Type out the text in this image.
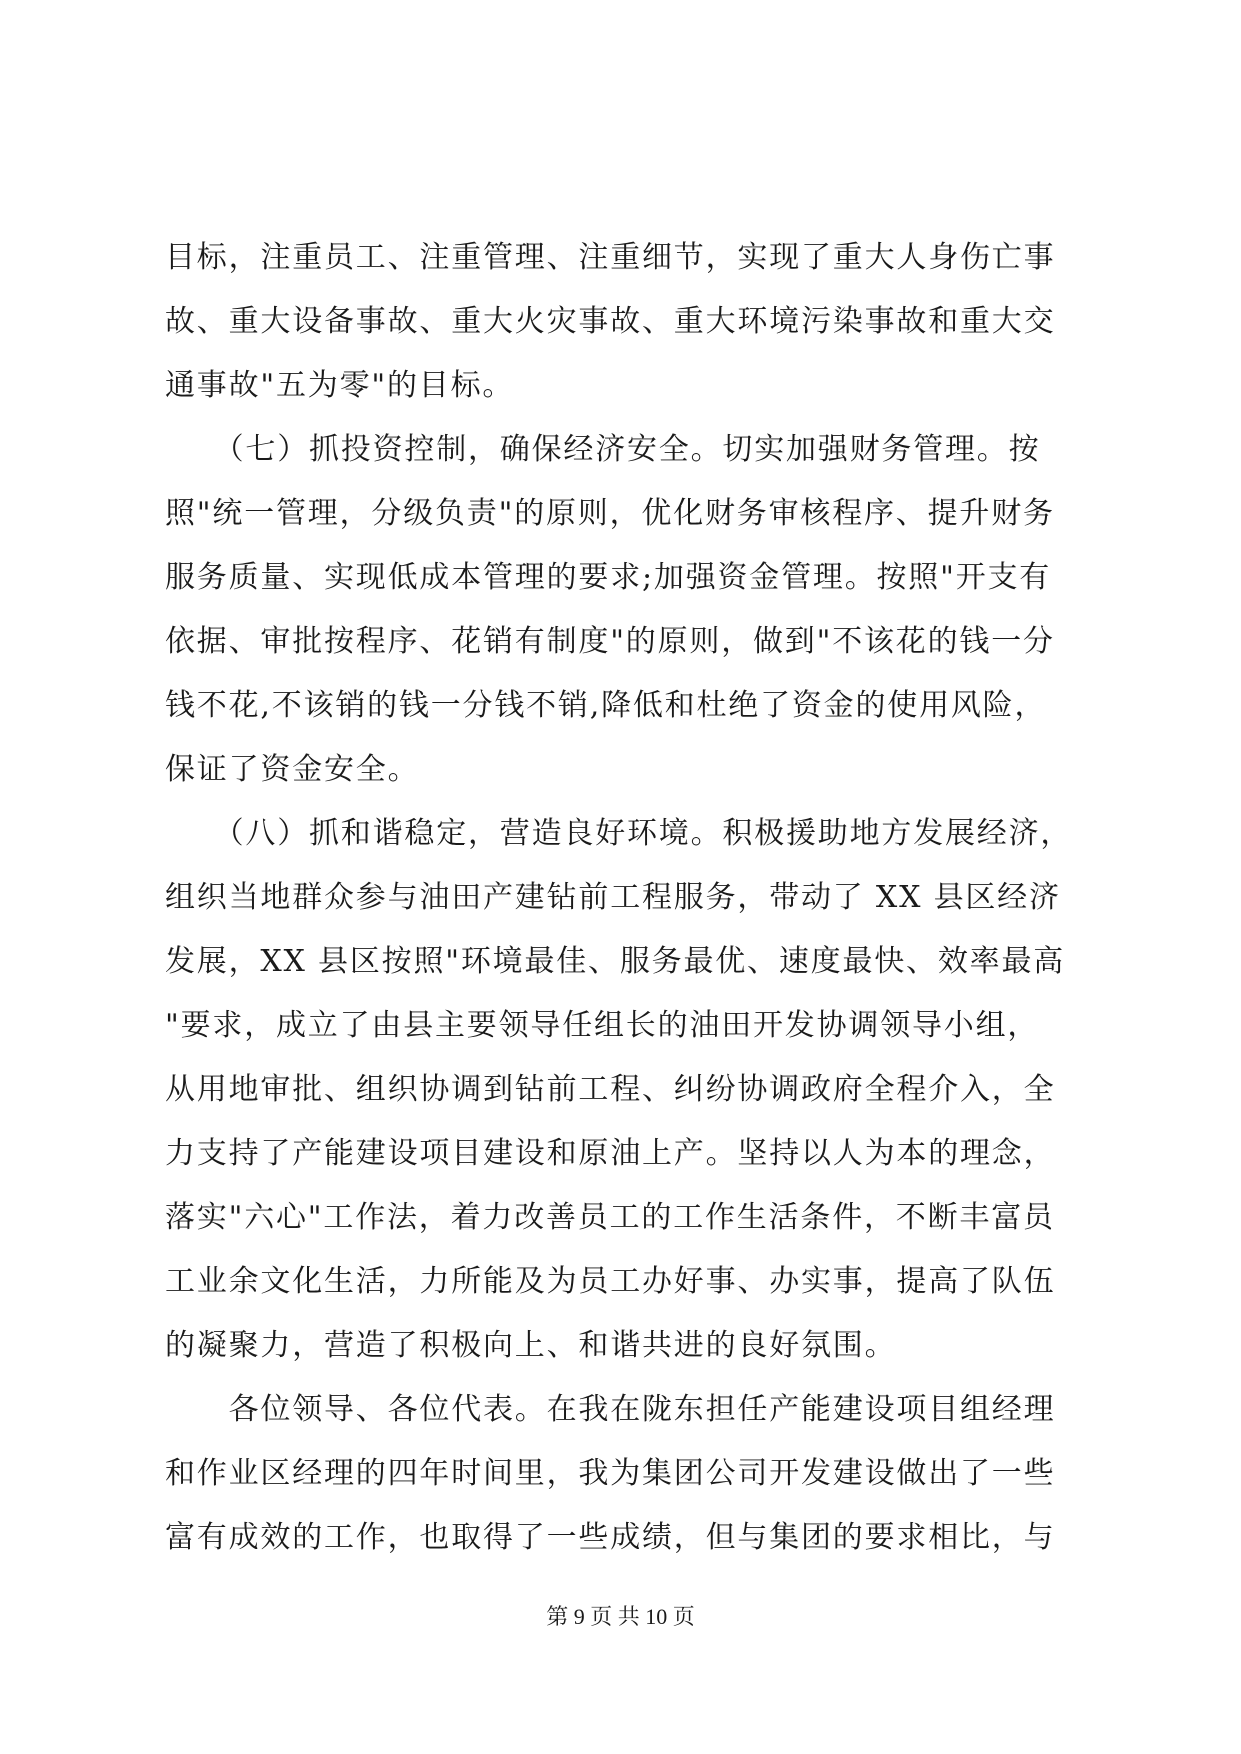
目标，注重员工、注重管理、注重细节，实现了重大人身伤亡事
故、重大设备事故、重大火灾事故、重大环境污染事故和重大交
通事故"五为零"的目标。
　　（七）抓投资控制，确保经济安全。切实加强财务管理。按
照"统一管理，分级负责"的原则，优化财务审核程序、提升财务
服务质量、实现低成本管理的要求;加强资金管理。按照"开支有
依据、审批按程序、花销有制度"的原则，做到"不该花的钱一分
钱不花,不该销的钱一分钱不销,降低和杜绝了资金的使用风险，
保证了资金安全。
　　（八）抓和谐稳定，营造良好环境。积极援助地方发展经济，
组织当地群众参与油田产建钻前工程服务，带动了 XX 县区经济
发展，XX 县区按照"环境最佳、服务最优、速度最快、效率最高
"要求，成立了由县主要领导任组长的油田开发协调领导小组，
从用地审批、组织协调到钻前工程、纠纷协调政府全程介入，全
力支持了产能建设项目建设和原油上产。坚持以人为本的理念，
落实"六心"工作法，着力改善员工的工作生活条件，不断丰富员
工业余文化生活，力所能及为员工办好事、办实事，提高了队伍
的凝聚力，营造了积极向上、和谐共进的良好氛围。
　　各位领导、各位代表。在我在陇东担任产能建设项目组经理
和作业区经理的四年时间里，我为集团公司开发建设做出了一些
富有成效的工作，也取得了一些成绩，但与集团的要求相比，与
第 9 页 共 10 页
